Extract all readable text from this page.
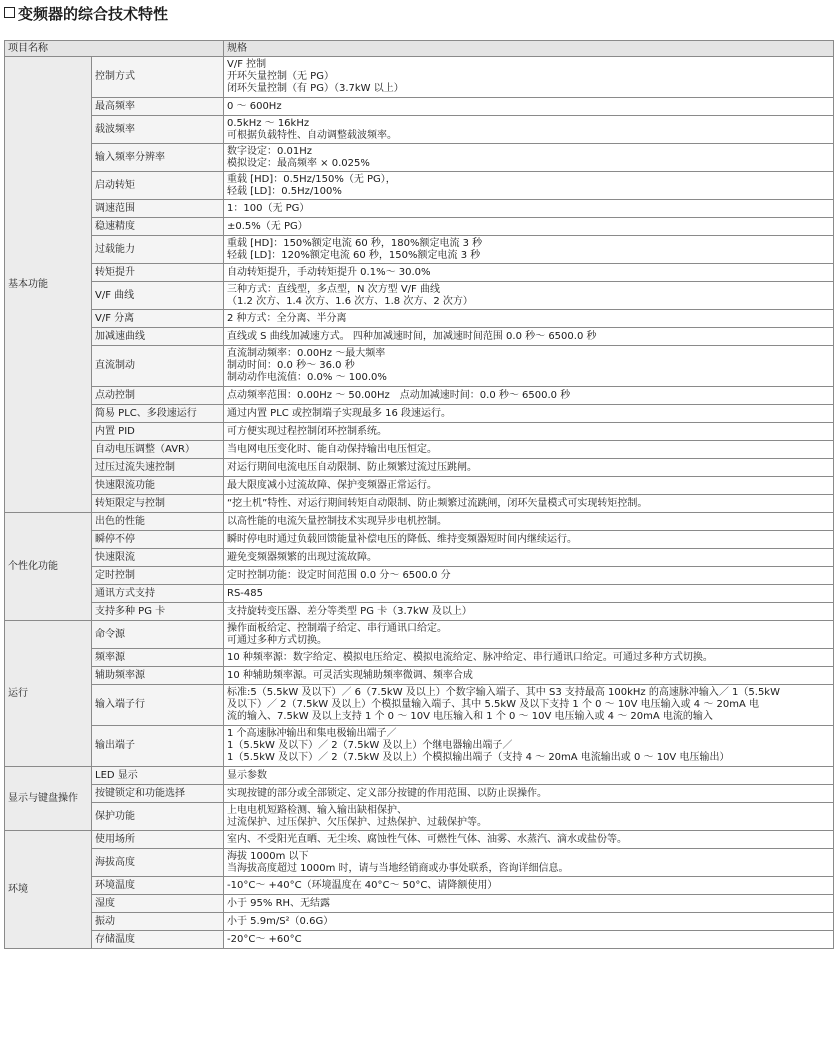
变频器的综合技术特性
项目名称		规格
基本功能	控制方式	V/F 控制
开环矢量控制（无 PG）
闭环矢量控制（有 PG）（3.7kW 以上）
	最高频率	0 ～ 600Hz
	载波频率	0.5kHz ～ 16kHz
可根据负载特性、自动调整载波频率。
	输入频率分辨率	数字设定：0.01Hz
模拟设定：最高频率 × 0.025%
	启动转矩	重载 [HD]：0.5Hz/150%（无 PG），
轻载 [LD]：0.5Hz/100%
	调速范围	1：100（无 PG）
	稳速精度	±0.5%（无 PG）
	过载能力	重载 [HD]：150%额定电流 60 秒，180%额定电流 3 秒
轻载 [LD]：120%额定电流 60 秒，150%额定电流 3 秒
	转矩提升	自动转矩提升，手动转矩提升 0.1%～ 30.0%
	V/F 曲线	三种方式：直线型，多点型，N 次方型 V/F 曲线
（1.2 次方、1.4 次方、1.6 次方、1.8 次方、2 次方）
	V/F 分离	2 种方式：全分离、半分离
	加减速曲线	直线或 S 曲线加减速方式。 四种加减速时间，加减速时间范围 0.0 秒～ 6500.0 秒
	直流制动	直流制动频率：0.00Hz ～最大频率
制动时间：0.0 秒～ 36.0 秒
制动动作电流值：0.0% ～ 100.0%
	点动控制	点动频率范围：0.00Hz ～ 50.00Hz　点动加减速时间：0.0 秒～ 6500.0 秒
	简易 PLC、多段速运行	通过内置 PLC 或控制端子实现最多 16 段速运行。
	内置 PID	可方便实现过程控制闭环控制系统。
	自动电压调整（AVR）	当电网电压变化时、能自动保持输出电压恒定。
	过压过流失速控制	对运行期间电流电压自动限制、防止频繁过流过压跳闸。
	快速限流功能	最大限度减小过流故障、保护变频器正常运行。
	转矩限定与控制	“挖土机”特性、对运行期间转矩自动限制、防止频繁过流跳闸，闭环矢量模式可实现转矩控制。
个性化功能	出色的性能	以高性能的电流矢量控制技术实现异步电机控制。
	瞬停不停	瞬时停电时通过负载回馈能量补偿电压的降低、维持变频器短时间内继续运行。
	快速限流	避免变频器频繁的出现过流故障。
	定时控制	定时控制功能：设定时间范围 0.0 分～ 6500.0 分
	通讯方式支持	RS-485
	支持多种 PG 卡	支持旋转变压器、差分等类型 PG 卡（3.7kW 及以上）
运行	命令源	操作面板给定、控制端子给定、串行通讯口给定。
可通过多种方式切换。
	频率源	10 种频率源：数字给定、模拟电压给定、模拟电流给定、脉冲给定、串行通讯口给定。可通过多种方式切换。
	辅助频率源	10 种辅助频率源。可灵活实现辅助频率微调、频率合成
	输入端子行	标准:5（5.5kW 及以下）／ 6（7.5kW 及以上）个数字输入端子、其中 S3 支持最高 100kHz 的高速脉冲输入／ 1（5.5kW
及以下）／ 2（7.5kW 及以上）个模拟量输入端子、其中 5.5kW 及以下支持 1 个 0 ～ 10V 电压输入或 4 ～ 20mA 电
流的输入、7.5kW 及以上支持 1 个 0 ～ 10V 电压输入和 1 个 0 ～ 10V 电压输入或 4 ～ 20mA 电流的输入
	输出端子	1 个高速脉冲输出和集电极输出端子／
1（5.5kW 及以下）／ 2（7.5kW 及以上）个继电器输出端子／
1（5.5kW 及以下）／ 2（7.5kW 及以上）个模拟输出端子（支持 4 ～ 20mA 电流输出或 0 ～ 10V 电压输出）
显示与键盘操作	LED 显示	显示参数
	按键锁定和功能选择	实现按键的部分或全部锁定、定义部分按键的作用范围、以防止误操作。
	保护功能	上电电机短路检测、输入输出缺相保护、
过流保护、过压保护、欠压保护、过热保护、过载保护等。
环境	使用场所	室内、不受阳光直晒、无尘埃、腐蚀性气体、可燃性气体、油雾、水蒸汽、滴水或盐份等。
	海拔高度	海拔 1000m 以下
当海拔高度超过 1000m 时，请与当地经销商或办事处联系，咨询详细信息。
	环境温度	-10°C～ +40°C（环境温度在 40°C～ 50°C、请降额使用）
	湿度	小于 95% RH、无结露
	振动	小于 5.9m/S²（0.6G）
	存储温度	-20°C～ +60°C
